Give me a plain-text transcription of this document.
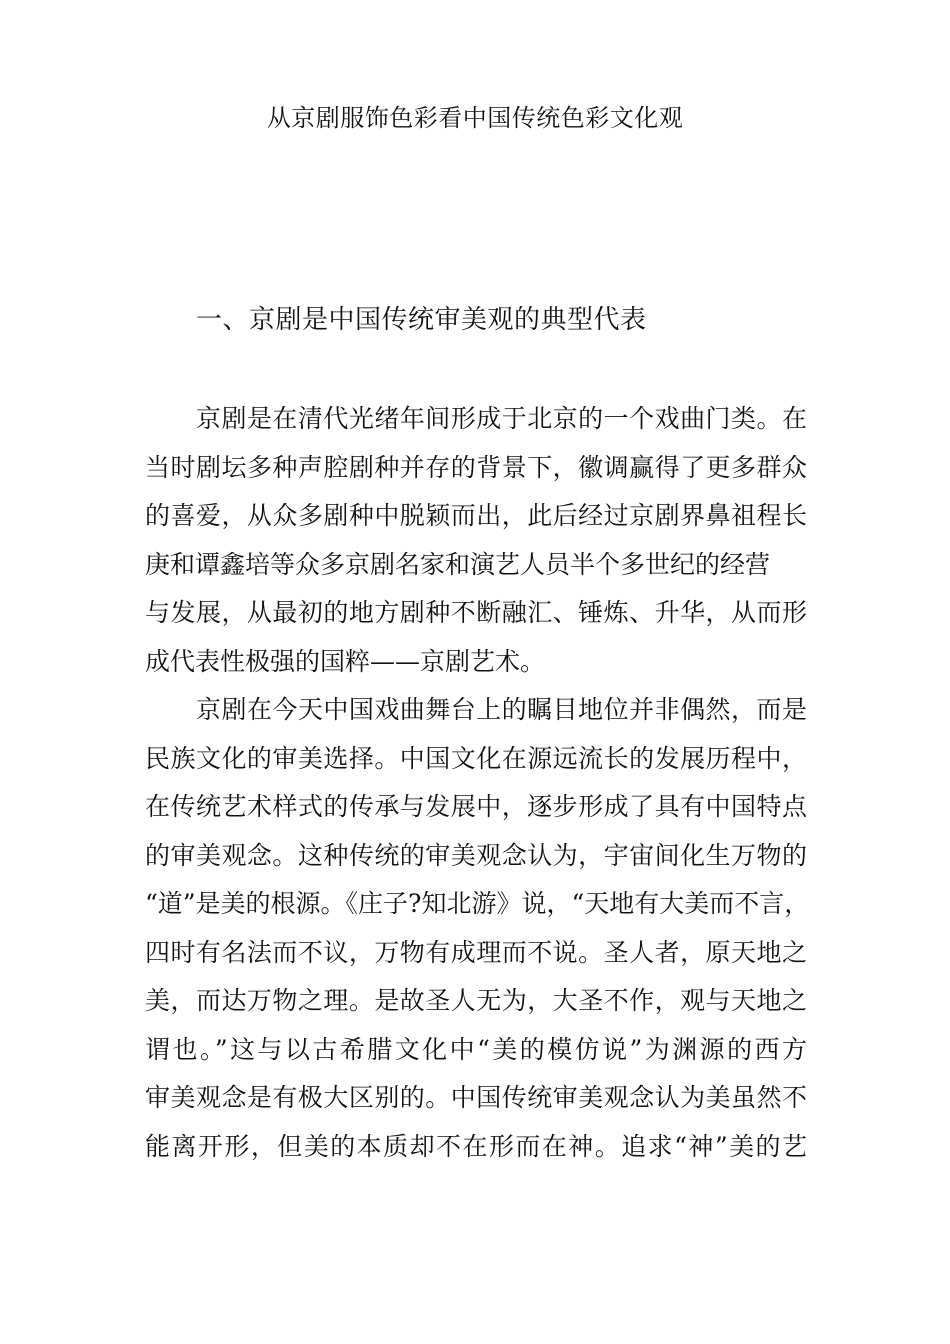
从京剧服饰色彩看中国传统色彩文化观
一、京剧是中国传统审美观的典型代表
京剧是在清代光绪年间形成于北京的一个戏曲门类。在
当时剧坛多种声腔剧种并存的背景下，徽调赢得了更多群众
的喜爱，从众多剧种中脱颖而出，此后经过京剧界鼻祖程长
庚和谭鑫培等众多京剧名家和演艺人员半个多世纪的经营
与发展，从最初的地方剧种不断融汇、锤炼、升华，从而形
成代表性极强的国粹——京剧艺术。
京剧在今天中国戏曲舞台上的瞩目地位并非偶然，而是
民族文化的审美选择。中国文化在源远流长的发展历程中，
在传统艺术样式的传承与发展中，逐步形成了具有中国特点
的审美观念。这种传统的审美观念认为，宇宙间化生万物的
“道”是美的根源。《庄子?知北游》说，“天地有大美而不言，
四时有名法而不议，万物有成理而不说。圣人者，原天地之
美，而达万物之理。是故圣人无为，大圣不作，观与天地之
谓也。”这与以古希腊文化中“美的模仿说”为渊源的西方
审美观念是有极大区别的。中国传统审美观念认为美虽然不
能离开形，但美的本质却不在形而在神。追求“神”美的艺
